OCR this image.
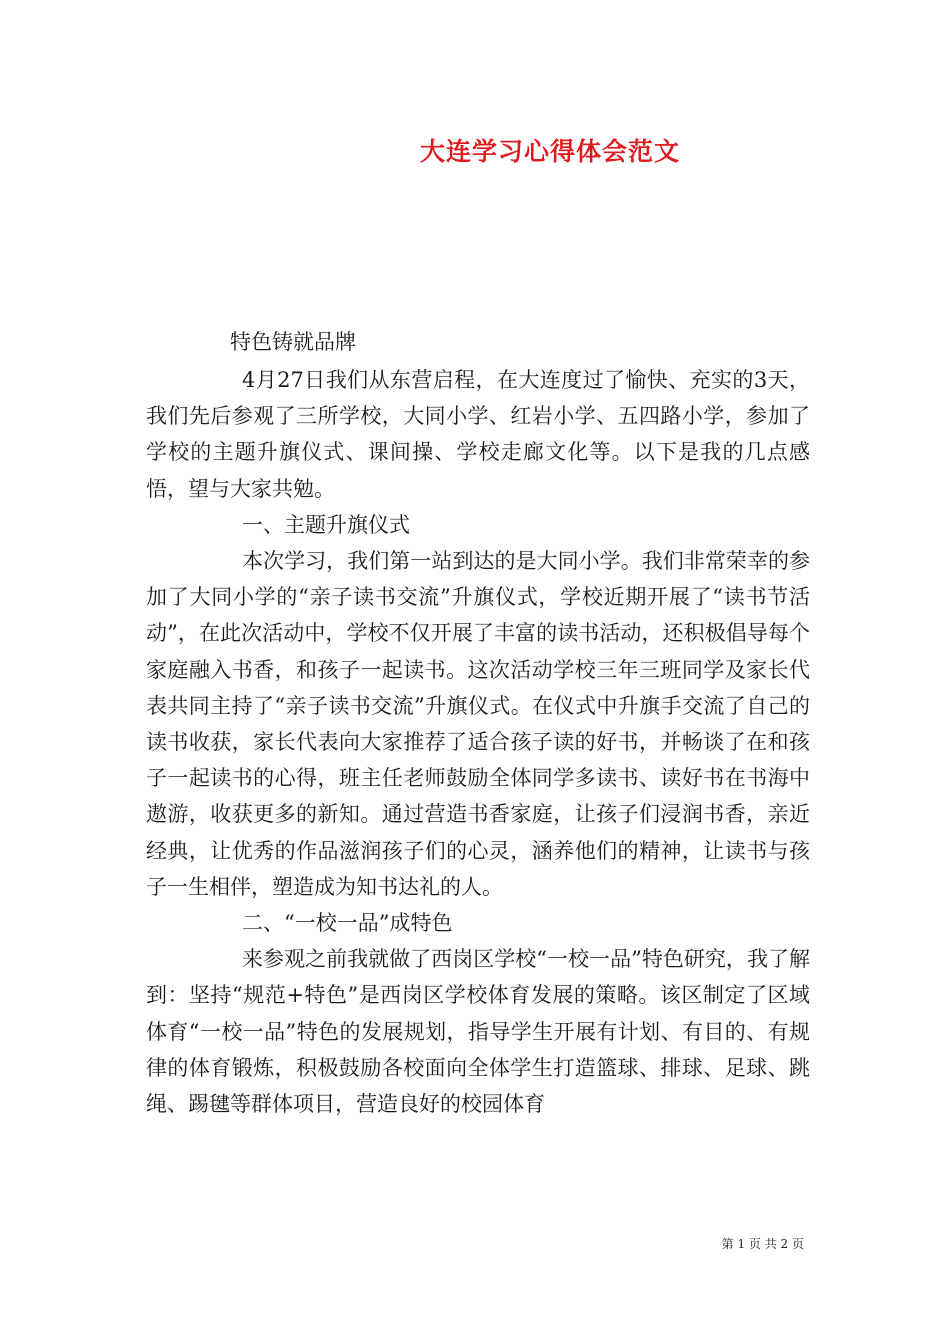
大连学习心得体会范文

特色铸就品牌

4月27日我们从东营启程，在大连度过了愉快、充实的3天，我们先后参观了三所学校，大同小学、红岩小学、五四路小学，参加了学校的主题升旗仪式、课间操、学校走廊文化等。以下是我的几点感悟，望与大家共勉。

一、主题升旗仪式

本次学习，我们第一站到达的是大同小学。我们非常荣幸的参加了大同小学的“亲子读书交流”升旗仪式，学校近期开展了“读书节活动”，在此次活动中，学校不仅开展了丰富的读书活动，还积极倡导每个家庭融入书香，和孩子一起读书。这次活动学校三年三班同学及家长代表共同主持了“亲子读书交流”升旗仪式。在仪式中升旗手交流了自己的读书收获，家长代表向大家推荐了适合孩子读的好书，并畅谈了在和孩子一起读书的心得，班主任老师鼓励全体同学多读书、读好书在书海中遨游，收获更多的新知。通过营造书香家庭，让孩子们浸润书香，亲近经典，让优秀的作品滋润孩子们的心灵，涵养他们的精神，让读书与孩子一生相伴，塑造成为知书达礼的人。

二、“一校一品”成特色

来参观之前我就做了西岗区学校“一校一品”特色研究，我了解到：坚持“规范+特色”是西岗区学校体育发展的策略。该区制定了区域体育“一校一品”特色的发展规划，指导学生开展有计划、有目的、有规律的体育锻炼，积极鼓励各校面向全体学生打造篮球、排球、足球、跳绳、踢毽等群体项目，营造良好的校园体育

第 1 页 共 2 页
